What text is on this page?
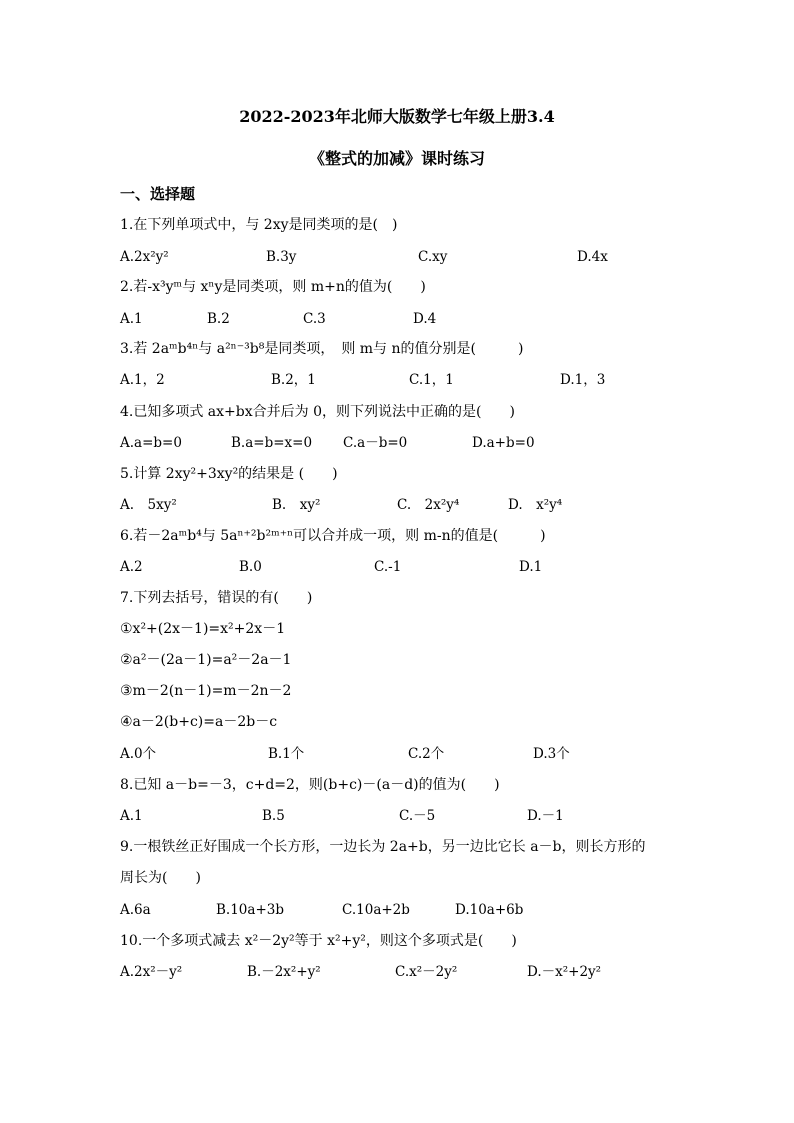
2022-2023年北师大版数学七年级上册3.4
《整式的加减》课时练习
一、选择题
1.在下列单项式中，与 2xy是同类项的是(　)
A.2x²y²	B.3y	C.xy	D.4x
2.若-x³yᵐ与 xⁿy是同类项，则 m+n的值为(　　)
A.1	B.2	C.3	D.4
3.若 2aᵐb⁴ⁿ与 a²ⁿ⁻³b⁸是同类项，　则 m与 n的值分别是(　　　)
A.1，2	B.2，1	C.1，1	D.1，3
4.已知多项式 ax+bx合并后为 0，则下列说法中正确的是(　　)
A.a=b=0	B.a=b=x=0 C.a－b=0	D.a+b=0
5.计算 2xy²+3xy²的结果是 (　　)
A.　5xy²	B.　xy²	C.　2x²y⁴	D.　x²y⁴
6.若－2aᵐb⁴与 5aⁿ⁺²b²ᵐ⁺ⁿ可以合并成一项，则 m-n的值是(　　　)
A.2	B.0	C.-1	D.1
7.下列去括号，错误的有(　　)
①x²+(2x－1)=x²+2x－1
②a²－(2a－1)=a²－2a－1
③m－2(n－1)=m－2n－2
④a－2(b+c)=a－2b－c
A.0个	B.1个	C.2个	D.3个
8.已知 a－b=－3，c+d=2，则(b+c)－(a－d)的值为(　　)
A.1	B.5	C.－5	D.－1
9.一根铁丝正好围成一个长方形，一边长为 2a+b，另一边比它长 a－b，则长方形的
周长为(　　)
A.6a	B.10a+3b	C.10a+2b	D.10a+6b
10.一个多项式减去 x²－2y²等于 x²+y²，则这个多项式是(　　)
A.2x²－y²	B.－2x²+y²	C.x²－2y²	D.－x²+2y²
